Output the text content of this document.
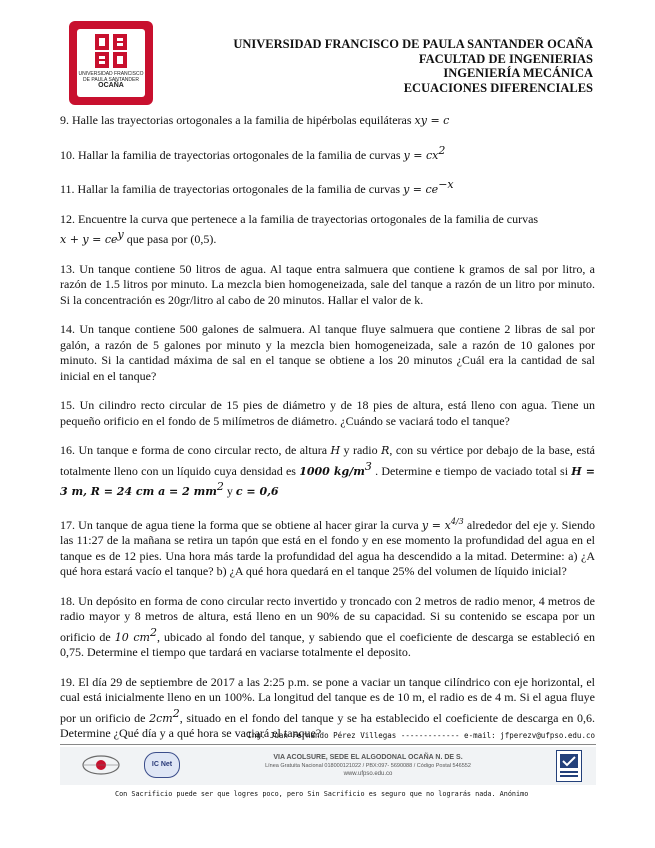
UNIVERSIDAD FRANCISCO DE PAULA SANTANDER
OCAÑA
UNIVERSIDAD FRANCISCO DE PAULA SANTANDER OCAÑA
FACULTAD DE INGENIERIAS
INGENIERÍA MECÁNICA
ECUACIONES DIFERENCIALES

9. Halle las trayectorias ortogonales a la familia de hipérbolas equiláteras xy = c

10. Hallar la familia de trayectorias ortogonales de la familia de curvas $y = cx^2$

11. Hallar la familia de trayectorias ortogonales de la familia de curvas $y = ce^{-x}$

12. Encuentre la curva que pertenece a la familia de trayectorias ortogonales de la familia de curvas
$x + y = ce^y$ que pasa por (0,5).

13. Un tanque contiene 50 litros de agua. Al taque entra salmuera que contiene k gramos de sal por litro, a razón de 1.5 litros por minuto. La mezcla bien homogeneizada, sale del tanque a razón de un litro por minuto. Si la concentración es 20gr/litro al cabo de 20 minutos. Hallar el valor de k.

14. Un tanque contiene 500 galones de salmuera. Al tanque fluye salmuera que contiene 2 libras de sal por galón, a razón de 5 galones por minuto y la mezcla bien homogeneizada, sale a razón de 10 galones por minuto. Si la cantidad máxima de sal en el tanque se obtiene a los 20 minutos ¿Cuál era la cantidad de sal inicial en el tanque?

15. Un cilindro recto circular de 15 pies de diámetro y de 18 pies de altura, está lleno con agua. Tiene un pequeño orificio en el fondo de 5 milímetros de diámetro. ¿Cuándo se vaciará todo el tanque?

16. Un tanque e forma de cono circular recto, de altura H y radio R, con su vértice por debajo de la base, está totalmente lleno con un líquido cuya densidad es 1000 $kg/m^3$ . Determine e tiempo de vaciado total si H = 3 m, R = 24 cm a = 2 $mm^2$ y c = 0,6

17. Un tanque de agua tiene la forma que se obtiene al hacer girar la curva $y = x^{4/3}$ alrededor del eje y. Siendo las 11:27 de la mañana se retira un tapón que está en el fondo y en ese momento la profundidad del agua en el tanque es de 12 pies. Una hora más tarde la profundidad del agua ha descendido a la mitad. Determine: a) ¿A qué hora estará vacío el tanque? b) ¿A qué hora quedará en el tanque 25% del volumen de líquido inicial?

18. Un depósito en forma de cono circular recto invertido y troncado con 2 metros de radio menor, 4 metros de radio mayor y 8 metros de altura, está lleno en un 90% de su capacidad. Si su contenido se escapa por un orificio de 10 $cm^2$, ubicado al fondo del tanque, y sabiendo que el coeficiente de descarga se estableció en 0,75. Determine el tiempo que tardará en vaciarse totalmente el deposito.

19. El día 29 de septiembre de 2017 a las 2:25 p.m. se pone a vaciar un tanque cilíndrico con eje horizontal, el cual está inicialmente lleno en un 100%. La longitud del tanque es de 10 m, el radio es de 4 m. Si el agua fluye por un orificio de $2cm^2$, situado en el fondo del tanque y se ha establecido el coeficiente de descarga en 0,6. Determine ¿Qué día y a qué hora se vaciará el tanque?

Ing. Juan Fernando Pérez Villegas ------------- e-mail: jfperezv@ufpso.edu.co
IC Net
VIA ACOLSURE, SEDE EL ALGODONAL OCAÑA N. DE S.
Línea Gratuita Nacional 018000121022 / PBX:097- 5690088 / Código Postal 546552
www.ufpso.edu.co
Con Sacrificio puede ser que logres poco, pero Sin Sacrificio es seguro que no lograrás nada. Anónimo
